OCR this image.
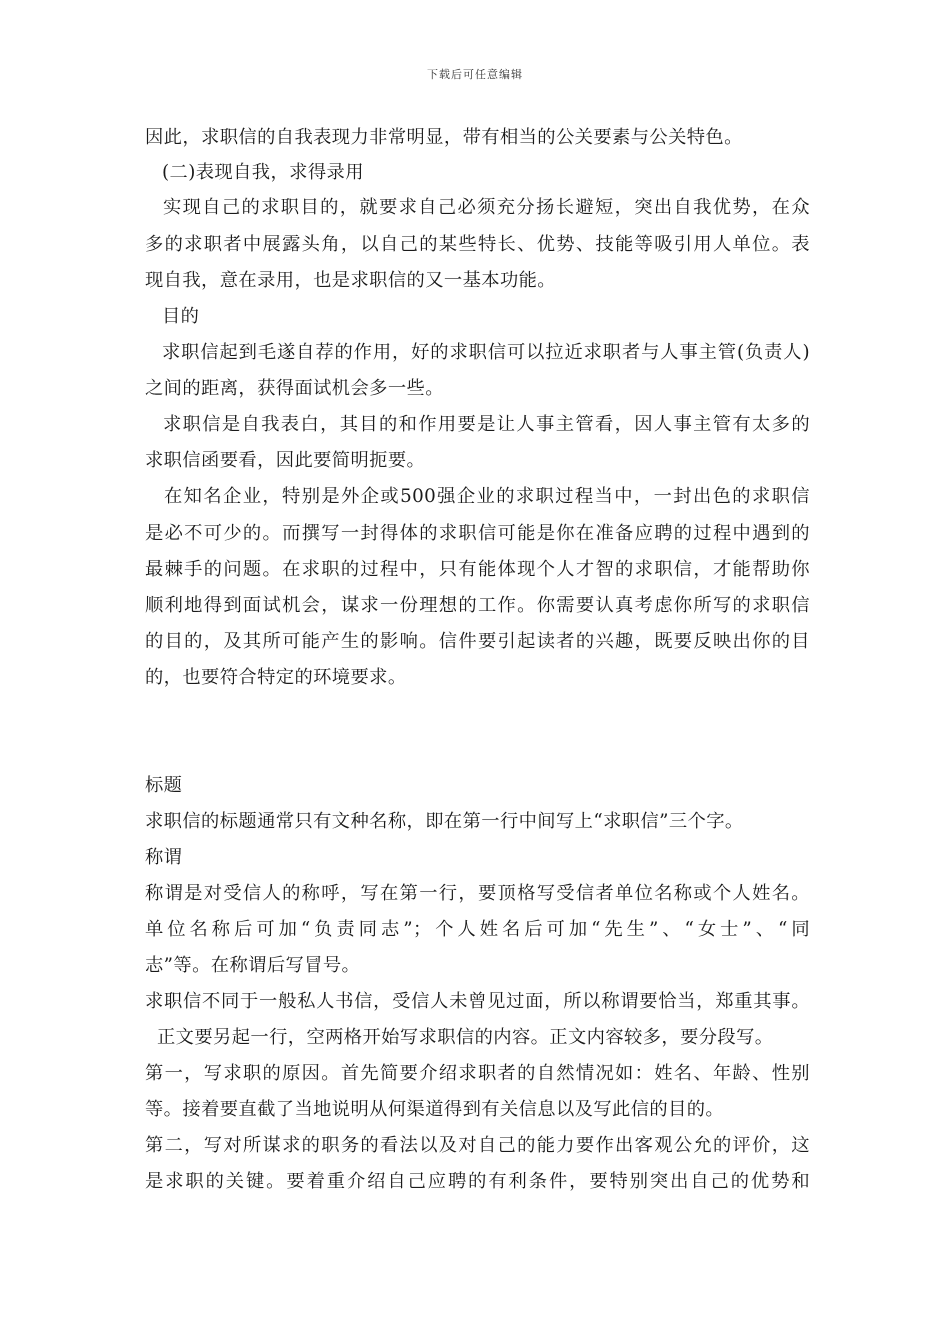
下载后可任意编辑
因此，求职信的自我表现力非常明显，带有相当的公关要素与公关特色。
(二)表现自我，求得录用
实现自己的求职目的，就要求自己必须充分扬长避短，突出自我优势，在众
多的求职者中展露头角，以自己的某些特长、优势、技能等吸引用人单位。表
现自我，意在录用，也是求职信的又一基本功能。
目的
求职信起到毛遂自荐的作用，好的求职信可以拉近求职者与人事主管(负责人)
之间的距离，获得面试机会多一些。
求职信是自我表白，其目的和作用要是让人事主管看，因人事主管有太多的
求职信函要看，因此要简明扼要。
在知名企业，特别是外企或500强企业的求职过程当中，一封出色的求职信
是必不可少的。而撰写一封得体的求职信可能是你在准备应聘的过程中遇到的
最棘手的问题。在求职的过程中，只有能体现个人才智的求职信，才能帮助你
顺利地得到面试机会，谋求一份理想的工作。你需要认真考虑你所写的求职信
的目的，及其所可能产生的影响。信件要引起读者的兴趣，既要反映出你的目
的，也要符合特定的环境要求。
标题
求职信的标题通常只有文种名称，即在第一行中间写上“求职信”三个字。
称谓
称谓是对受信人的称呼，写在第一行，要顶格写受信者单位名称或个人姓名。
单位名称后可加“负责同志”；个人姓名后可加“先生”、“女士”、“同
志”等。在称谓后写冒号。
求职信不同于一般私人书信，受信人未曾见过面，所以称谓要恰当，郑重其事。
正文要另起一行，空两格开始写求职信的内容。正文内容较多，要分段写。
第一，写求职的原因。首先简要介绍求职者的自然情况如：姓名、年龄、性别
等。接着要直截了当地说明从何渠道得到有关信息以及写此信的目的。
第二，写对所谋求的职务的看法以及对自己的能力要作出客观公允的评价，这
是求职的关键。要着重介绍自己应聘的有利条件，要特别突出自己的优势和
